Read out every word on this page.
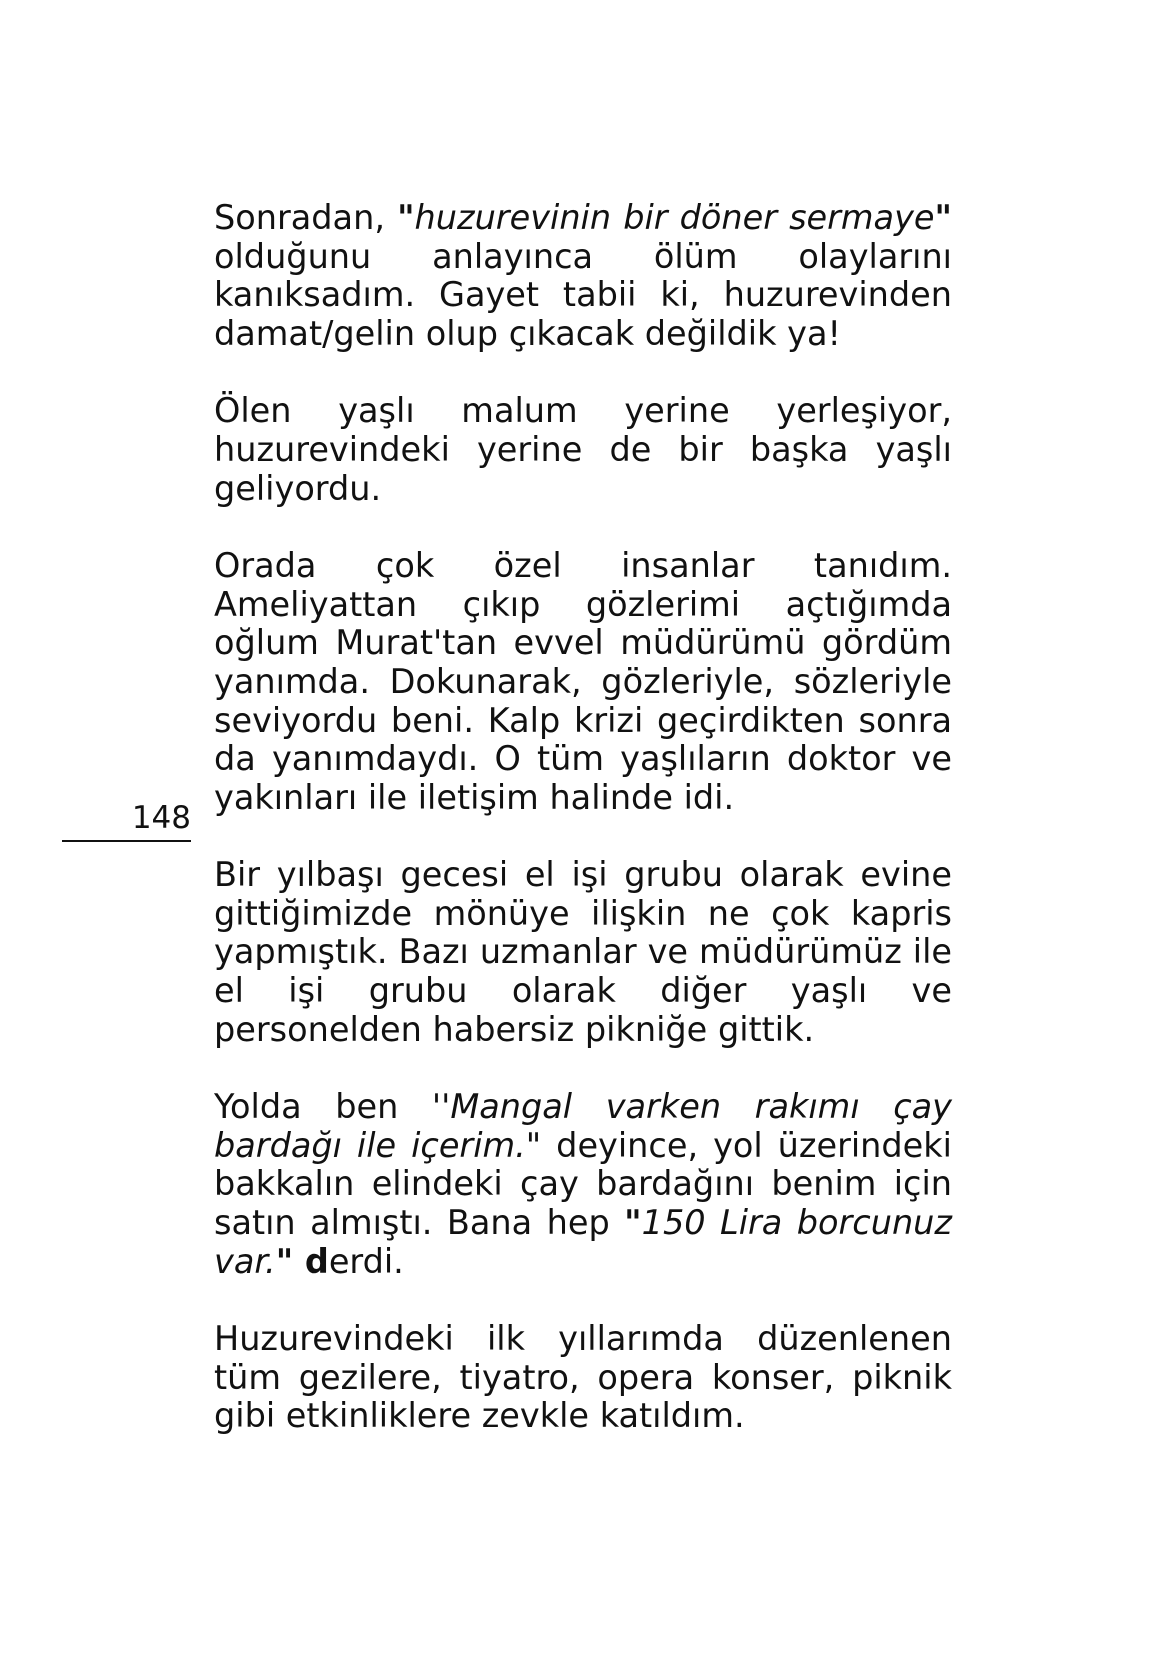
Sonradan, "huzurevinin bir döner sermaye"
olduğunu anlayınca ölüm olaylarını
kanıksadım. Gayet tabii ki, huzurevinden
damat/gelin olup çıkacak değildik ya!
Ölen yaşlı malum yerine yerleşiyor,
huzurevindeki yerine de bir başka yaşlı
geliyordu.
Orada çok özel insanlar tanıdım.
Ameliyattan çıkıp gözlerimi açtığımda
oğlum Murat'tan evvel müdürümü gördüm
yanımda. Dokunarak, gözleriyle, sözleriyle
seviyordu beni. Kalp krizi geçirdikten sonra
da yanımdaydı. O tüm yaşlıların doktor ve
yakınları ile iletişim halinde idi.
Bir yılbaşı gecesi el işi grubu olarak evine
gittiğimizde mönüye ilişkin ne çok kapris
yapmıştık. Bazı uzmanlar ve müdürümüz ile
el işi grubu olarak diğer yaşlı ve
personelden habersiz pikniğe gittik.
Yolda ben ''Mangal varken rakımı çay
bardağı ile içerim." deyince, yol üzerindeki
bakkalın elindeki çay bardağını benim için
satın almıştı. Bana hep "150 Lira borcunuz
var." derdi.
Huzurevindeki ilk yıllarımda düzenlenen
tüm gezilere, tiyatro, opera konser, piknik
gibi etkinliklere zevkle katıldım.
148
